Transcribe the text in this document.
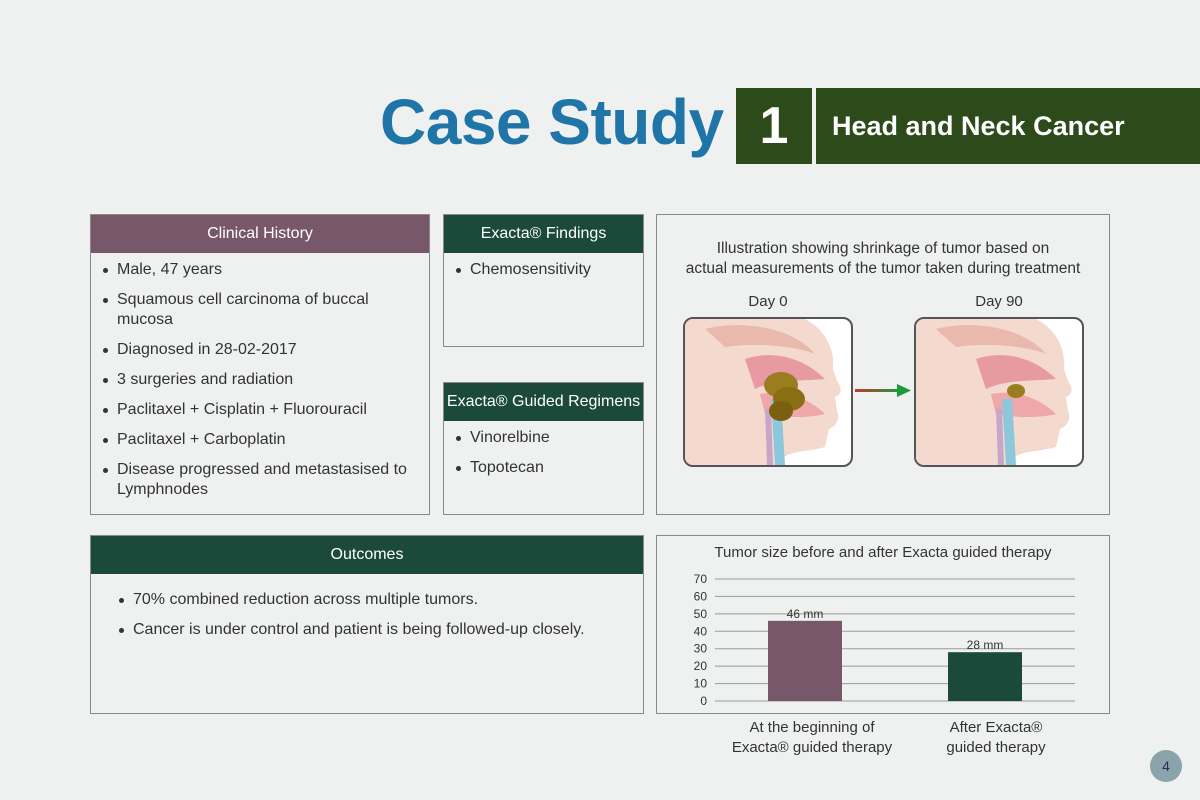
Case Study 1	Head and Neck Cancer
Clinical History
Male, 47 years
Squamous cell carcinoma of buccal mucosa
Diagnosed in 28-02-2017
3 surgeries and radiation
Paclitaxel + Cisplatin + Fluorouracil
Paclitaxel + Carboplatin
Disease progressed and metastasised to Lymphnodes
Exacta® Findings
Chemosensitivity
Exacta® Guided Regimens
Vinorelbine
Topotecan
Illustration showing shrinkage of tumor based on
actual measurements of the tumor taken during treatment
Day 0	Day 90
Outcomes
70% combined reduction across multiple tumors.
Cancer is under control and patient is being followed-up closely.
Tumor size before and after Exacta guided therapy
0
10
20
30
40
50
60
70
46 mm
28 mm
At the beginning of
Exacta® guided therapy
After Exacta®
guided therapy
4
